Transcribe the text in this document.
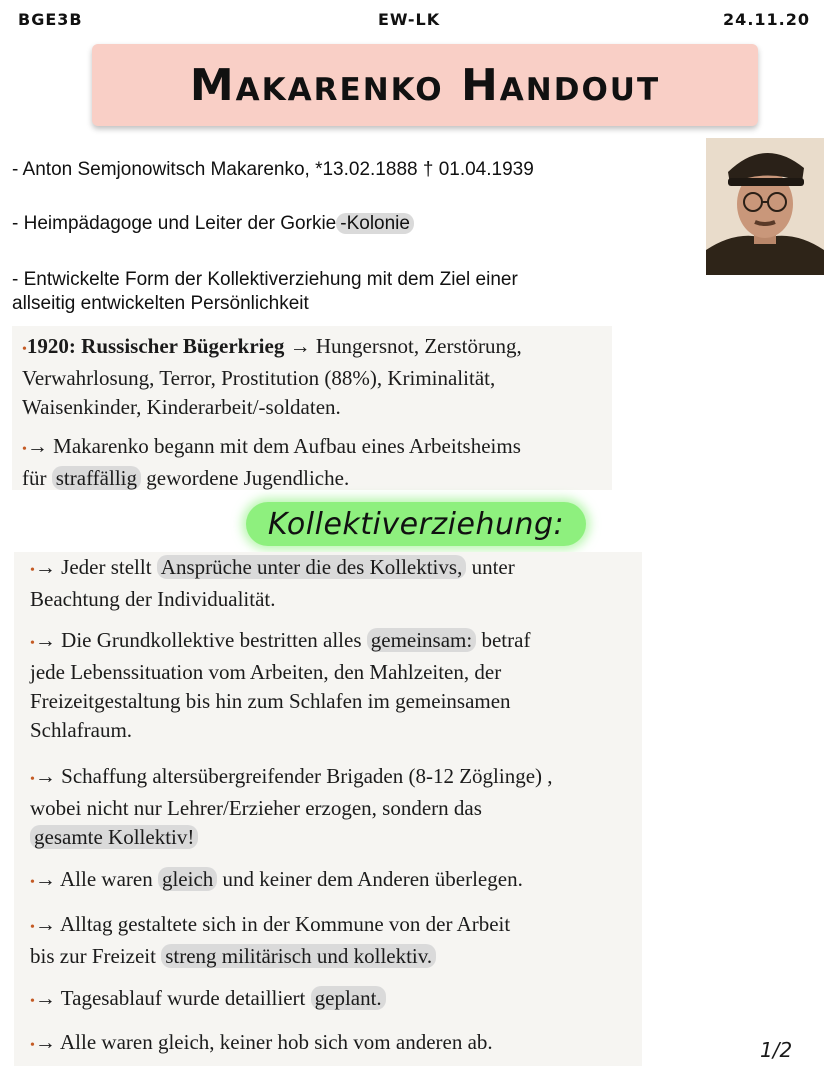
BGE3B	EW-LK	24.11.20
Makarenko Handout
- Anton Semjonowitsch Makarenko, *13.02.1888 † 01.04.1939
- Heimpädagoge und Leiter der Gorkie -Kolonie
- Entwickelte Form der Kollektiverziehung mit dem Ziel einer
allseitig entwickelten Persönlichkeit
•1920: Russischer Bügerkrieg → Hungersnot, Zerstörung,
Verwahrlosung, Terror, Prostitution (88%), Kriminalität,
Waisenkinder, Kinderarbeit/-soldaten.
•→ Makarenko begann mit dem Aufbau eines Arbeitsheims
für straffällig gewordene Jugendliche.
Kollektiverziehung:
•→ Jeder stellt Ansprüche unter die des Kollektivs, unter
Beachtung der Individualität.
•→ Die Grundkollektive bestritten alles gemeinsam: betraf
jede Lebenssituation vom Arbeiten, den Mahlzeiten, der
Freizeitgestaltung bis hin zum Schlafen im gemeinsamen
Schlafraum.
•→ Schaffung altersübergreifender Brigaden (8-12 Zöglinge) ,
wobei nicht nur Lehrer/Erzieher erzogen, sondern das
gesamte Kollektiv!
•→ Alle waren gleich und keiner dem Anderen überlegen.
•→ Alltag gestaltete sich in der Kommune von der Arbeit
bis zur Freizeit streng militärisch und kollektiv.
•→ Tagesablauf wurde detailliert geplant.
•→ Alle waren gleich, keiner hob sich vom anderen ab.	1/2
